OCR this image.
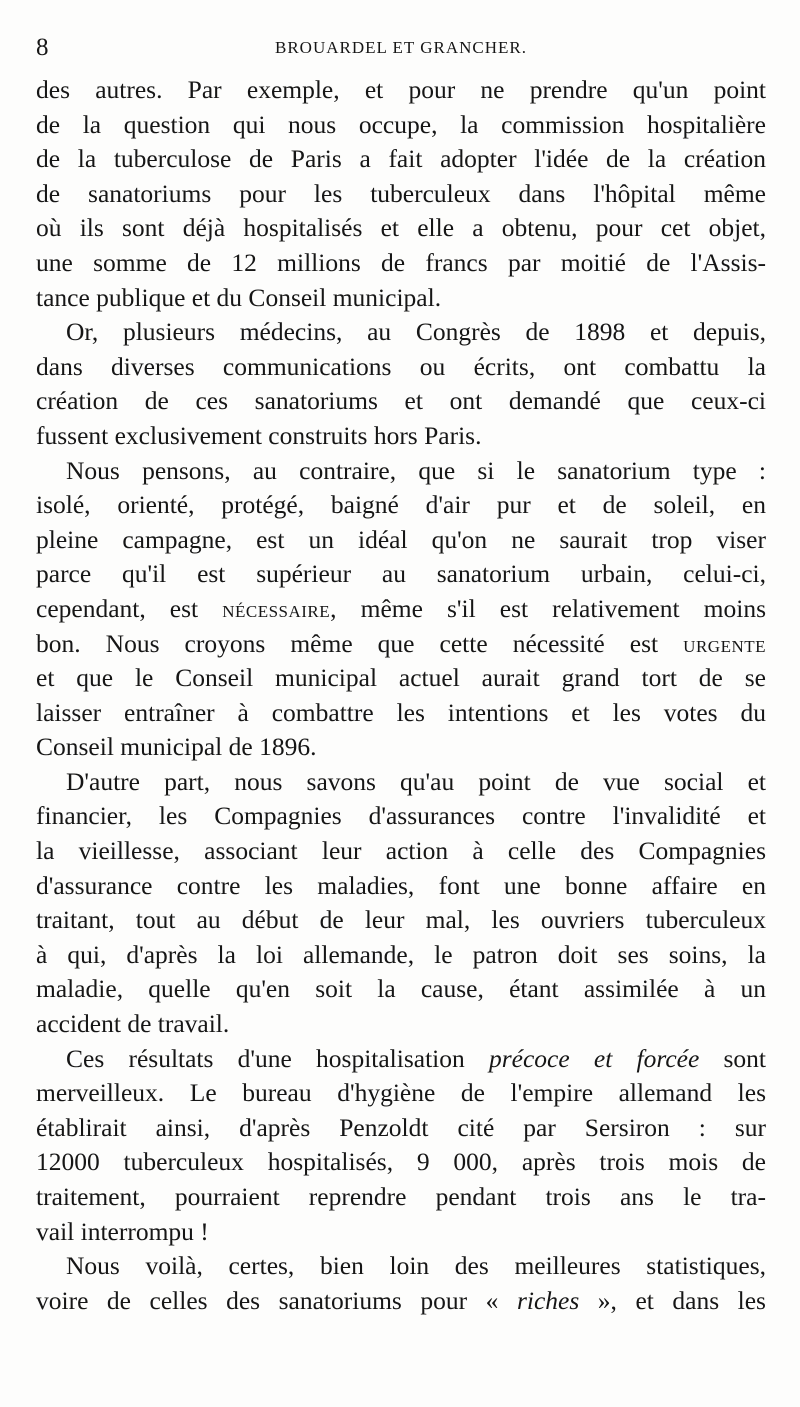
8	BROUARDEL ET GRANCHER.
des autres. Par exemple, et pour ne prendre qu'un point
de la question qui nous occupe, la commission hospitalière
de la tuberculose de Paris a fait adopter l'idée de la création
de sanatoriums pour les tuberculeux dans l'hôpital même
où ils sont déjà hospitalisés et elle a obtenu, pour cet objet,
une somme de 12 millions de francs par moitié de l'Assis-
tance publique et du Conseil municipal.
Or, plusieurs médecins, au Congrès de 1898 et depuis,
dans diverses communications ou écrits, ont combattu la
création de ces sanatoriums et ont demandé que ceux-ci
fussent exclusivement construits hors Paris.
Nous pensons, au contraire, que si le sanatorium type :
isolé, orienté, protégé, baigné d'air pur et de soleil, en
pleine campagne, est un idéal qu'on ne saurait trop viser
parce qu'il est supérieur au sanatorium urbain, celui-ci,
cependant, est NÉCESSAIRE, même s'il est relativement moins
bon. Nous croyons même que cette nécessité est URGENTE
et que le Conseil municipal actuel aurait grand tort de se
laisser entraîner à combattre les intentions et les votes du
Conseil municipal de 1896.
D'autre part, nous savons qu'au point de vue social et
financier, les Compagnies d'assurances contre l'invalidité et
la vieillesse, associant leur action à celle des Compagnies
d'assurance contre les maladies, font une bonne affaire en
traitant, tout au début de leur mal, les ouvriers tuberculeux
à qui, d'après la loi allemande, le patron doit ses soins, la
maladie, quelle qu'en soit la cause, étant assimilée à un
accident de travail.
Ces résultats d'une hospitalisation précoce et forcée sont
merveilleux. Le bureau d'hygiène de l'empire allemand les
établirait ainsi, d'après Penzoldt cité par Sersiron : sur
12000 tuberculeux hospitalisés, 9 000, après trois mois de
traitement, pourraient reprendre pendant trois ans le tra-
vail interrompu !
Nous voilà, certes, bien loin des meilleures statistiques,
voire de celles des sanatoriums pour « riches », et dans les
